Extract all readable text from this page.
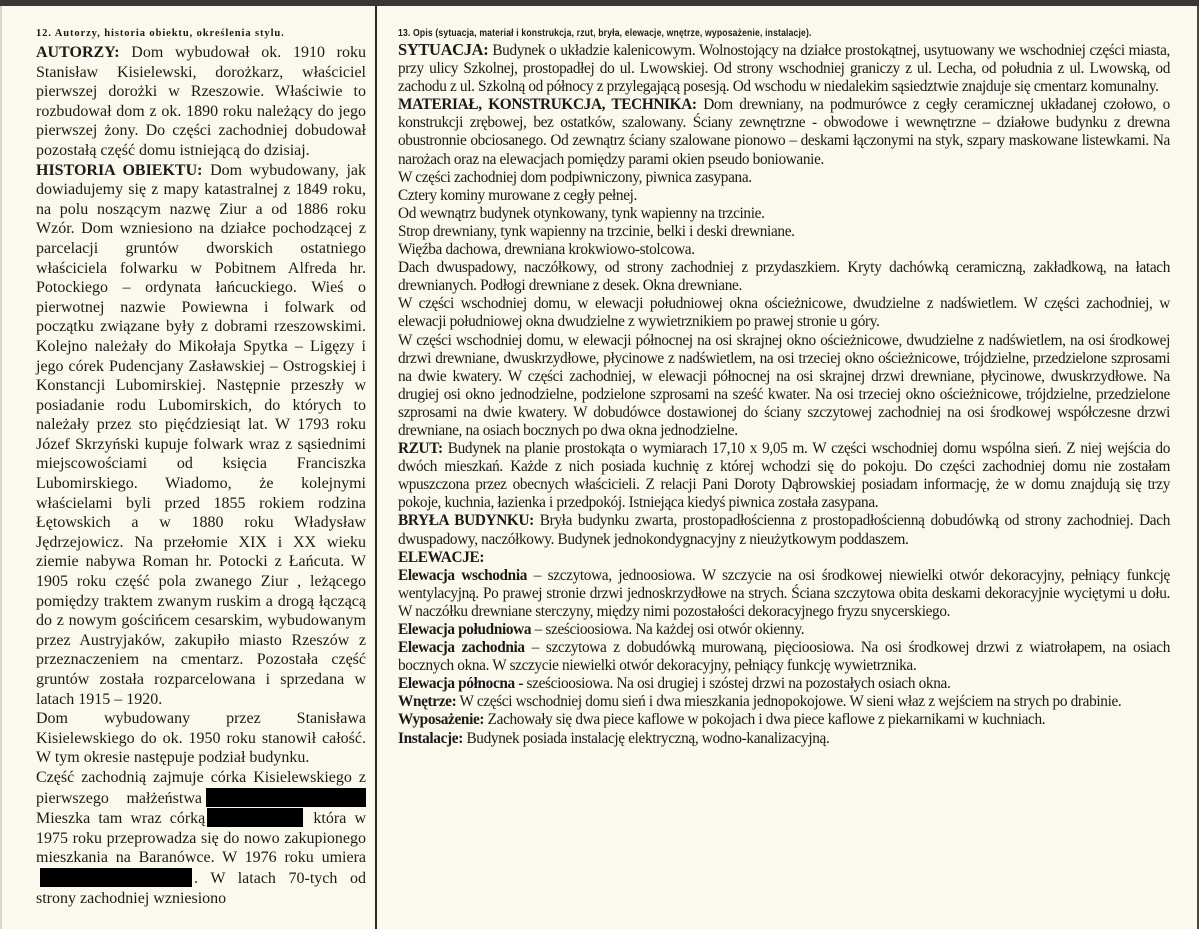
12. Autorzy, historia obiektu, określenia stylu.

AUTORZY: Dom wybudował ok. 1910 roku Stanisław Kisielewski, dorożkarz, właściciel pierwszej dorożki w Rzeszowie. Właściwie to rozbudował dom z ok. 1890 roku należący do jego pierwszej żony. Do części zachodniej dobudował pozostałą część domu istniejącą do dzisiaj.

HISTORIA OBIEKTU: Dom wybudowany, jak dowiadujemy się z mapy katastralnej z 1849 roku, na polu noszącym nazwę Ziur a od 1886 roku Wzór. Dom wzniesiono na działce pochodzącej z parcelacji gruntów dworskich ostatniego właściciela folwarku w Pobitnem Alfreda hr. Potockiego – ordynata łańcuckiego. Wieś o pierwotnej nazwie Powiewna i folwark od początku związane były z dobrami rzeszowskimi. Kolejno należały do Mikołaja Spytka – Ligęzy i jego córek Pudencjany Zasławskiej – Ostrogskiej i Konstancji Lubomirskiej. Następnie przeszły w posiadanie rodu Lubomirskich, do których to należały przez sto pięćdziesiąt lat. W 1793 roku Józef Skrzyński kupuje folwark wraz z sąsiednimi miejscowościami od księcia Franciszka Lubomirskiego. Wiadomo, że kolejnymi właścielami byli przed 1855 rokiem rodzina Łętowskich a w 1880 roku Władysław Jędrzejowicz. Na przełomie XIX i XX wieku ziemie nabywa Roman hr. Potocki z Łańcuta. W 1905 roku część pola zwanego Ziur , leżącego pomiędzy traktem zwanym ruskim a drogą łączącą do z nowym gościńcem cesarskim, wybudowanym przez Austryjaków, zakupiło miasto Rzeszów z przeznaczeniem na cmentarz. Pozostała część gruntów została rozparcelowana i sprzedana w latach 1915 – 1920.

Dom wybudowany przez Stanisława Kisielewskiego do ok. 1950 roku stanowił całość. W tym okresie następuje podział budynku.

Część zachodnią zajmuje córka Kisielewskiego z pierwszego małżeństwa Mieszka tam wraz córką	która w 1975 roku przeprowadza się do nowo zakupionego mieszkania na Baranówce. W 1976 roku umiera. W latach 70-tych od strony zachodniej wzniesiono

13. Opis (sytuacja, materiał i konstrukcja, rzut, bryła, elewacje, wnętrze, wyposażenie, instalacje).

SYTUACJA: Budynek o układzie kalenicowym. Wolnostojący na działce prostokątnej, usytuowany we wschodniej części miasta, przy ulicy Szkolnej, prostopadłej do ul. Lwowskiej. Od strony wschodniej graniczy z ul. Lecha, od południa z ul. Lwowską, od zachodu z ul. Szkolną od północy z przylegającą posesją. Od wschodu w niedalekim sąsiedztwie znajduje się cmentarz komunalny.

MATERIAŁ, KONSTRUKCJA, TECHNIKA: Dom drewniany, na podmurówce z cegły ceramicznej układanej czołowo, o konstrukcji zrębowej, bez ostatków, szalowany. Ściany zewnętrzne - obwodowe i wewnętrzne – działowe budynku z drewna obustronnie obciosanego. Od zewnątrz ściany szalowane pionowo – deskami łączonymi na styk, szpary maskowane listewkami. Na narożach oraz na elewacjach pomiędzy parami okien pseudo boniowanie.

W części zachodniej dom podpiwniczony, piwnica zasypana.

Cztery kominy murowane z cegły pełnej.

Od wewnątrz budynek otynkowany, tynk wapienny na trzcinie.

Strop drewniany, tynk wapienny na trzcinie, belki i deski drewniane.

Więźba dachowa, drewniana krokwiowo-stolcowa.

Dach dwuspadowy, naczółkowy, od strony zachodniej z przydaszkiem. Kryty dachówką ceramiczną, zakładkową, na łatach drewnianych. Podłogi drewniane z desek. Okna drewniane.

W części wschodniej domu, w elewacji południowej okna ościeżnicowe, dwudzielne z nadświetlem. W części zachodniej, w elewacji południowej okna dwudzielne z wywietrznikiem po prawej stronie u góry.

W części wschodniej domu, w elewacji północnej na osi skrajnej okno ościeżnicowe, dwudzielne z nadświetlem, na osi środkowej drzwi drewniane, dwuskrzydłowe, płycinowe z nadświetlem, na osi trzeciej okno ościeżnicowe, trójdzielne, przedzielone szprosami na dwie kwatery. W części zachodniej, w elewacji północnej na osi skrajnej drzwi drewniane, płycinowe, dwuskrzydłowe. Na drugiej osi okno jednodzielne, podzielone szprosami na sześć kwater. Na osi trzeciej okno ościeżnicowe, trójdzielne, przedzielone szprosami na dwie kwatery. W dobudówce dostawionej do ściany szczytowej zachodniej na osi środkowej współczesne drzwi drewniane, na osiach bocznych po dwa okna jednodzielne.

RZUT: Budynek na planie prostokąta o wymiarach 17,10 x 9,05 m. W części wschodniej domu wspólna sień. Z niej wejścia do dwóch mieszkań. Każde z nich posiada kuchnię z której wchodzi się do pokoju. Do części zachodniej domu nie zostałam wpuszczona przez obecnych właścicieli. Z relacji Pani Doroty Dąbrowskiej posiadam informację, że w domu znajdują się trzy pokoje, kuchnia, łazienka i przedpokój. Istniejąca kiedyś piwnica została zasypana.

BRYŁA BUDYNKU: Bryła budynku zwarta, prostopadłościenna z prostopadłościenną dobudówką od strony zachodniej. Dach dwuspadowy, naczółkowy. Budynek jednokondygnacyjny z nieużytkowym poddaszem.

ELEWACJE:

Elewacja wschodnia – szczytowa, jednoosiowa. W szczycie na osi środkowej niewielki otwór dekoracyjny, pełniący funkcję wentylacyjną. Po prawej stronie drzwi jednoskrzydłowe na strych. Ściana szczytowa obita deskami dekoracyjnie wyciętymi u dołu. W naczółku drewniane sterczyny, między nimi pozostałości dekoracyjnego fryzu snycerskiego.

Elewacja południowa – sześcioosiowa. Na każdej osi otwór okienny.

Elewacja zachodnia – szczytowa z dobudówką murowaną, pięcioosiowa. Na osi środkowej drzwi z wiatrołapem, na osiach bocznych okna. W szczycie niewielki otwór dekoracyjny, pełniący funkcję wywietrznika.

Elewacja północna - sześcioosiowa. Na osi drugiej i szóstej drzwi na pozostałych osiach okna.

Wnętrze: W części wschodniej domu sień i dwa mieszkania jednopokojowe. W sieni właz z wejściem na strych po drabinie.

Wyposażenie: Zachowały się dwa piece kaflowe w pokojach i dwa piece kaflowe z piekarnikami w kuchniach.

Instalacje: Budynek posiada instalację elektryczną, wodno-kanalizacyjną.
